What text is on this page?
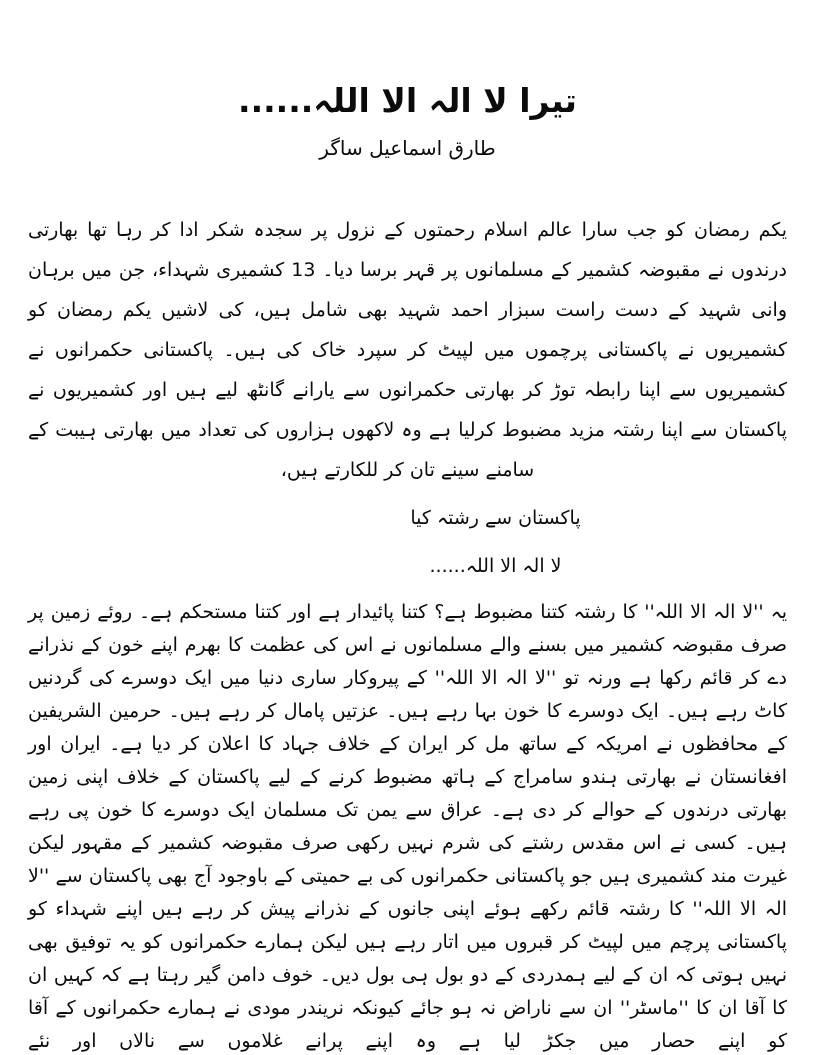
تیرا لا الہ الا اللہ......
طارق اسماعیل ساگر

یکم رمضان کو جب سارا عالم اسلام رحمتوں کے نزول پر سجدہ شکر ادا کر رہا تھا بھارتی درندوں نے مقبوضہ کشمیر کے مسلمانوں پر قہر برسا دیا۔ 13 کشمیری شہداء، جن میں برہان وانی شہید کے دست راست سبزار احمد شہید بھی شامل ہیں، کی لاشیں یکم رمضان کو کشمیریوں نے پاکستانی پرچموں میں لپیٹ کر سپرد خاک کی ہیں۔ پاکستانی حکمرانوں نے کشمیریوں سے اپنا رابطہ توڑ کر بھارتی حکمرانوں سے یارانے گانٹھ لیے ہیں اور کشمیریوں نے پاکستان سے اپنا رشتہ مزید مضبوط کرلیا ہے وہ لاکھوں ہزاروں کی تعداد میں بھارتی ہیبت کے سامنے سینے تان کر للکارتے ہیں،

پاکستان سے رشتہ کیا
لا الہ الا اللہ......

یہ ''لا الہ الا اللہ'' کا رشتہ کتنا مضبوط ہے؟ کتنا پائیدار ہے اور کتنا مستحکم ہے۔ روئے زمین پر صرف مقبوضہ کشمیر میں بسنے والے مسلمانوں نے اس کی عظمت کا بھرم اپنے خون کے نذرانے دے کر قائم رکھا ہے ورنہ تو ''لا الہ الا اللہ'' کے پیروکار ساری دنیا میں ایک دوسرے کی گردنیں کاٹ رہے ہیں۔ ایک دوسرے کا خون بہا رہے ہیں۔ عزتیں پامال کر رہے ہیں۔ حرمین الشریفین کے محافظوں نے امریکہ کے ساتھ مل کر ایران کے خلاف جہاد کا اعلان کر دیا ہے۔ ایران اور افغانستان نے بھارتی ہندو سامراج کے ہاتھ مضبوط کرنے کے لیے پاکستان کے خلاف اپنی زمین بھارتی درندوں کے حوالے کر دی ہے۔ عراق سے یمن تک مسلمان ایک دوسرے کا خون پی رہے ہیں۔ کسی نے اس مقدس رشتے کی شرم نہیں رکھی صرف مقبوضہ کشمیر کے مقہور لیکن غیرت مند کشمیری ہیں جو پاکستانی حکمرانوں کی بے حمیتی کے باوجود آج بھی پاکستان سے ''لا الہ الا اللہ'' کا رشتہ قائم رکھے ہوئے اپنی جانوں کے نذرانے پیش کر رہے ہیں اپنے شہداء کو پاکستانی پرچم میں لپیٹ کر قبروں میں اتار رہے ہیں لیکن ہمارے حکمرانوں کو یہ توفیق بھی نہیں ہوتی کہ ان کے لیے ہمدردی کے دو بول ہی بول دیں۔ خوف دامن گیر رہتا ہے کہ کہیں ان کا آقا ان کا ''ماسٹر'' ان سے ناراض نہ ہو جائے کیونکہ نریندر مودی نے ہمارے حکمرانوں کے آقا کو اپنے حصار میں جکڑ لیا ہے وہ اپنے پرانے غلاموں سے نالاں اور نئے
